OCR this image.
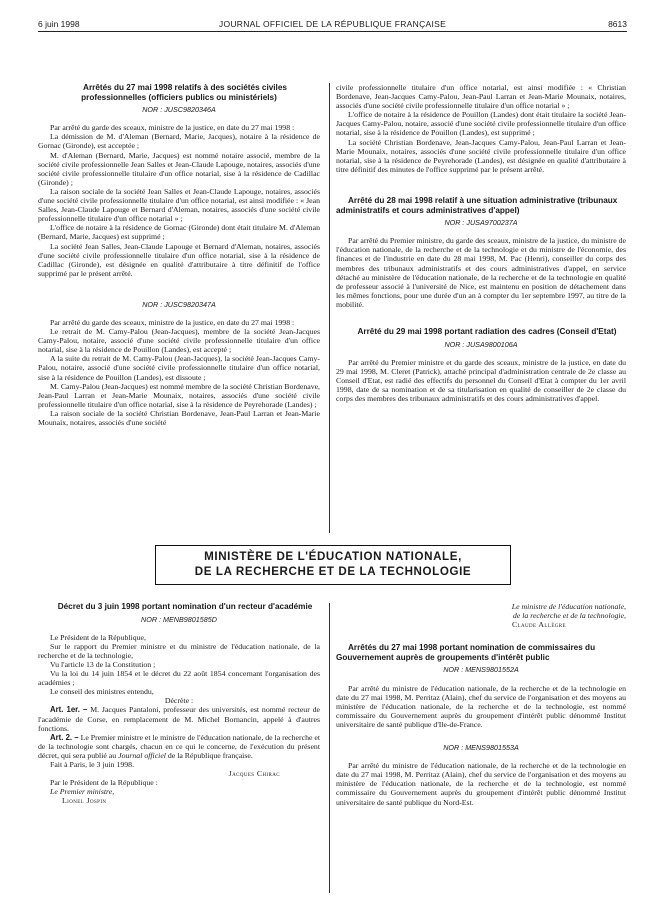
6 juin 1998	JOURNAL OFFICIEL DE LA RÉPUBLIQUE FRANÇAISE	8613

Arrêtés du 27 mai 1998 relatifs à des sociétés civiles professionnelles (officiers publics ou ministériels)

NOR : JUSC9820346A

Par arrêté du garde des sceaux, ministre de la justice, en date du 27 mai 1998 :

La démission de M. d'Aleman (Bernard, Marie, Jacques), notaire à la résidence de Gornac (Gironde), est acceptée ;

M. d'Aleman (Bernard, Marie, Jacques) est nommé notaire associé, membre de la société civile professionnelle Jean Salles et Jean-Claude Lapouge, notaires, associés d'une société civile professionnelle titulaire d'un office notarial, sise à la résidence de Cadillac (Gironde) ;

La raison sociale de la société Jean Salles et Jean-Claude Lapouge, notaires, associés d'une société civile professionnelle titulaire d'un office notarial, est ainsi modifiée : « Jean Salles, Jean-Claude Lapouge et Bernard d'Aleman, notaires, associés d'une société civile professionnelle titulaire d'un office notarial » ;

L'office de notaire à la résidence de Gornac (Gironde) dont était titulaire M. d'Aleman (Bernard, Marie, Jacques) est supprimé ;

La société Jean Salles, Jean-Claude Lapouge et Bernard d'Aleman, notaires, associés d'une société civile professionnelle titulaire d'un office notarial, sise à la résidence de Cadillac (Gironde), est désignée en qualité d'attributaire à titre définitif de l'office supprimé par le présent arrêté.

NOR : JUSC9820347A

Par arrêté du garde des sceaux, ministre de la justice, en date du 27 mai 1998 :

Le retrait de M. Camy-Palou (Jean-Jacques), membre de la société Jean-Jacques Camy-Palou, notaire, associé d'une société civile professionnelle titulaire d'un office notarial, sise à la résidence de Pouillon (Landes), est accepté ;

A la suite du retrait de M. Camy-Palou (Jean-Jacques), la société Jean-Jacques Camy-Palou, notaire, associé d'une société civile professionnelle titulaire d'un office notarial, sise à la résidence de Pouillon (Landes), est dissoute ;

M. Camy-Palou (Jean-Jacques) est nommé membre de la société Christian Bordenave, Jean-Paul Larran et Jean-Marie Mounaix, notaires, associés d'une société civile professionnelle titulaire d'un office notarial, sise à la résidence de Peyrehorade (Landes) ;

La raison sociale de la société Christian Bordenave, Jean-Paul Larran et Jean-Marie Mounaix, notaires, associés d'une société

civile professionnelle titulaire d'un office notarial, est ainsi modifiée : « Christian Bordenave, Jean-Jacques Camy-Palou, Jean-Paul Larran et Jean-Marie Mounaix, notaires, associés d'une société civile professionnelle titulaire d'un office notarial » ;

L'office de notaire à la résidence de Pouillon (Landes) dont était titulaire la société Jean-Jacques Camy-Palou, notaire, associé d'une société civile professionnelle titulaire d'un office notarial, sise à la résidence de Pouillon (Landes), est supprimé ;

La société Christian Bordenave, Jean-Jacques Camy-Palou, Jean-Paul Larran et Jean-Marie Mounaix, notaires, associés d'une société civile professionnelle titulaire d'un office notarial, sise à la résidence de Peyrehorade (Landes), est désignée en qualité d'attributaire à titre définitif des minutes de l'office supprimé par le présent arrêté.

Arrêté du 28 mai 1998 relatif à une situation administrative (tribunaux administratifs et cours administratives d'appel)

NOR : JUSA9700237A

Par arrêté du Premier ministre, du garde des sceaux, ministre de la justice, du ministre de l'éducation nationale, de la recherche et de la technologie et du ministre de l'économie, des finances et de l'industrie en date du 28 mai 1998, M. Pac (Henri), conseiller du corps des membres des tribunaux administratifs et des cours administratives d'appel, en service détaché au ministère de l'éducation nationale, de la recherche et de la technologie en qualité de professeur associé à l'université de Nice, est maintenu en position de détachement dans les mêmes fonctions, pour une durée d'un an à compter du 1er septembre 1997, au titre de la mobilité.

Arrêté du 29 mai 1998 portant radiation des cadres (Conseil d'Etat)

NOR : JUSA9800106A

Par arrêté du Premier ministre et du garde des sceaux, ministre de la justice, en date du 29 mai 1998, M. Cleret (Patrick), attaché principal d'administration centrale de 2e classe au Conseil d'Etat, est radié des effectifs du personnel du Conseil d'Etat à compter du 1er avril 1998, date de sa nomination et de sa titularisation en qualité de conseiller de 2e classe du corps des membres des tribunaux administratifs et des cours administratives d'appel.

MINISTÈRE DE L'ÉDUCATION NATIONALE,
DE LA RECHERCHE ET DE LA TECHNOLOGIE

Décret du 3 juin 1998 portant nomination d'un recteur d'académie

NOR : MENB9801585D

Le Président de la République,

Sur le rapport du Premier ministre et du ministre de l'éducation nationale, de la recherche et de la technologie,

Vu l'article 13 de la Constitution ;

Vu la loi du 14 juin 1854 et le décret du 22 août 1854 concernant l'organisation des académies ;

Le conseil des ministres entendu,

Décrète :

Art. 1er. – M. Jacques Pantaloni, professeur des universités, est nommé recteur de l'académie de Corse, en remplacement de M. Michel Bornancin, appelé à d'autres fonctions.

Art. 2. – Le Premier ministre et le ministre de l'éducation nationale, de la recherche et de la technologie sont chargés, chacun en ce qui le concerne, de l'exécution du présent décret, qui sera publié au Journal officiel de la République française.

Fait à Paris, le 3 juin 1998.

Jacques Chirac

Par le Président de la République :

Le Premier ministre,

Lionel Jospin

Le ministre de l'éducation nationale,

de la recherche et de la technologie,

Claude Allègre

Arrêtés du 27 mai 1998 portant nomination de commissaires du Gouvernement auprès de groupements d'intérêt public

NOR : MENS9801552A

Par arrêté du ministre de l'éducation nationale, de la recherche et de la technologie en date du 27 mai 1998, M. Perritaz (Alain), chef du service de l'organisation et des moyens au ministère de l'éducation nationale, de la recherche et de la technologie, est nommé commissaire du Gouvernement auprès du groupement d'intérêt public dénommé Institut universitaire de santé publique d'Ile-de-France.

NOR : MENS9801553A

Par arrêté du ministre de l'éducation nationale, de la recherche et de la technologie en date du 27 mai 1998, M. Perritaz (Alain), chef du service de l'organisation et des moyens au ministère de l'éducation nationale, de la recherche et de la technologie, est nommé commissaire du Gouvernement auprès du groupement d'intérêt public dénommé Institut universitaire de santé publique du Nord-Est.
